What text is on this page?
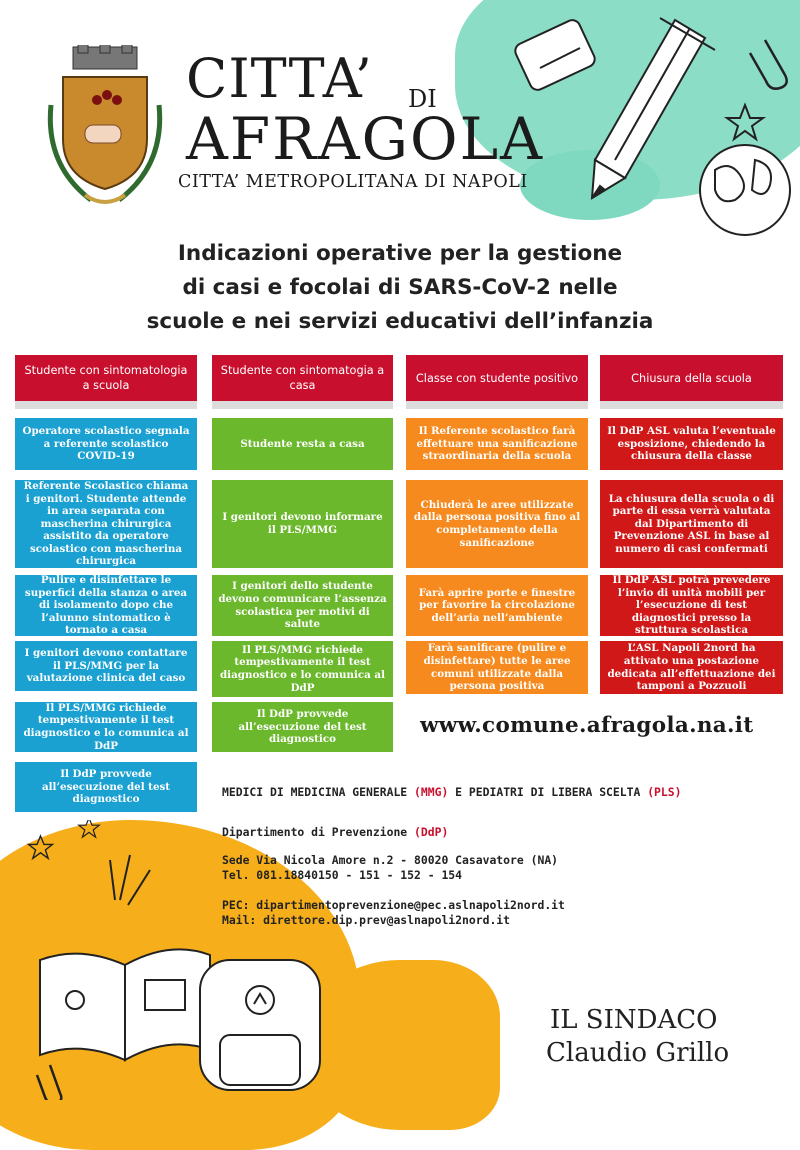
CITTA’ DI
AFRAGOLA
CITTA’ METROPOLITANA DI NAPOLI
Indicazioni operative per la gestione
di casi e focolai di SARS-CoV-2 nelle
scuole e nei servizi educativi dell’infanzia
Studente con sintomatologia a scuola
Studente con sintomatogia a casa
Classe con studente positivo	Chiusura della scuola
Operatore scolastico segnala a referente scolastico COVID-19
Referente Scolastico chiama i genitori. Studente attende in area separata con mascherina chirurgica assistito da operatore scolastico con mascherina chirurgica
Pulire e disinfettare le superfici della stanza o area di isolamento dopo che l’alunno sintomatico è tornato a casa
I genitori devono contattare il PLS/MMG per la valutazione clinica del caso
Il PLS/MMG richiede tempestivamente il test diagnostico e lo comunica al DdP
Il DdP provvede all’esecuzione del test diagnostico
Studente resta a casa
I genitori devono informare il PLS/MMG
I genitori dello studente devono comunicare l’assenza scolastica per motivi di salute
Il PLS/MMG richiede tempestivamente il test diagnostico e lo comunica al DdP
Il DdP provvede all’esecuzione del test diagnostico
Il Referente scolastico farà effettuare una sanificazione straordinaria della scuola
Chiuderà le aree utilizzate dalla persona positiva fino al completamento della sanificazione
Farà aprire porte e finestre per favorire la circolazione dell’aria nell’ambiente
Farà sanificare (pulire e disinfettare) tutte le aree comuni utilizzate dalla persona positiva
Il DdP ASL valuta l’eventuale esposizione, chiedendo la chiusura della classe
La chiusura della scuola o di parte di essa verrà valutata dal Dipartimento di Prevenzione ASL in base al numero di casi confermati
Il DdP ASL potrà prevedere l’invio di unità mobili per l’esecuzione di test diagnostici presso la struttura scolastica
L’ASL Napoli 2nord ha attivato una postazione dedicata all’effettuazione dei tamponi a Pozzuoli
www.comune.afragola.na.it
MEDICI DI MEDICINA GENERALE (MMG) E PEDIATRI DI LIBERA SCELTA (PLS)
Dipartimento di Prevenzione (DdP)
Sede Via Nicola Amore n.2 - 80020 Casavatore (NA)
Tel. 081.18840150 - 151 - 152 - 154
PEC: dipartimentoprevenzione@pec.aslnapoli2nord.it
Mail: direttore.dip.prev@aslnapoli2nord.it
IL SINDACO
Claudio Grillo
